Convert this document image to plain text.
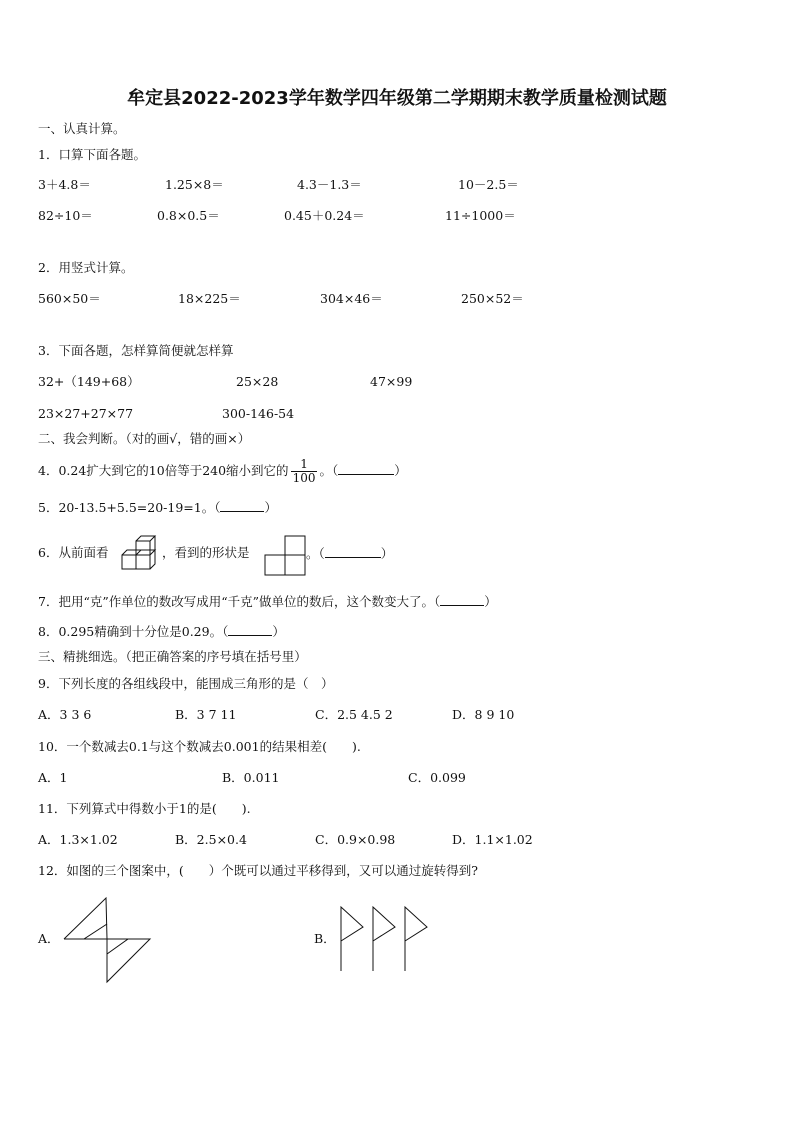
牟定县2022-2023学年数学四年级第二学期期末教学质量检测试题
一、认真计算。
1．口算下面各题。
3＋4.8＝	1.25×8＝	4.3－1.3＝	10－2.5＝
82÷10＝	0.8×0.5＝	0.45＋0.24＝	11÷1000＝
2．用竖式计算。
560×50＝	18×225＝	304×46＝	250×52＝
3．下面各题，怎样算简便就怎样算
32+（149+68）	25×28	47×99
23×27+27×77	300-146-54
二、我会判断。（对的画√，错的画×）
4．0.24扩大到它的10倍等于240缩小到它的 $\frac{1}{100}$ 。（	）
5．20-13.5+5.5=20-19=1。（	）
6．从前面看	，看到的形状是	。（	）
7．把用“克”作单位的数改写成用“千克”做单位的数后，这个数变大了。（	）
8．0.295精确到十分位是0.29。（	）
三、精挑细选。（把正确答案的序号填在括号里）
9．下列长度的各组线段中，能围成三角形的是（　）
A．3 3 6	B．3 7 11	C．2.5 4.5 2	D．8 9 10
10．一个数减去0.1与这个数减去0.001的结果相差(　　).
A．1	B．0.011	C．0.099
11．下列算式中得数小于1的是(　　).
A．1.3×1.02	B．2.5×0.4	C．0.9×0.98	D．1.1×1.02
12．如图的三个图案中，(　　）个既可以通过平移得到，又可以通过旋转得到?
A．	B．
